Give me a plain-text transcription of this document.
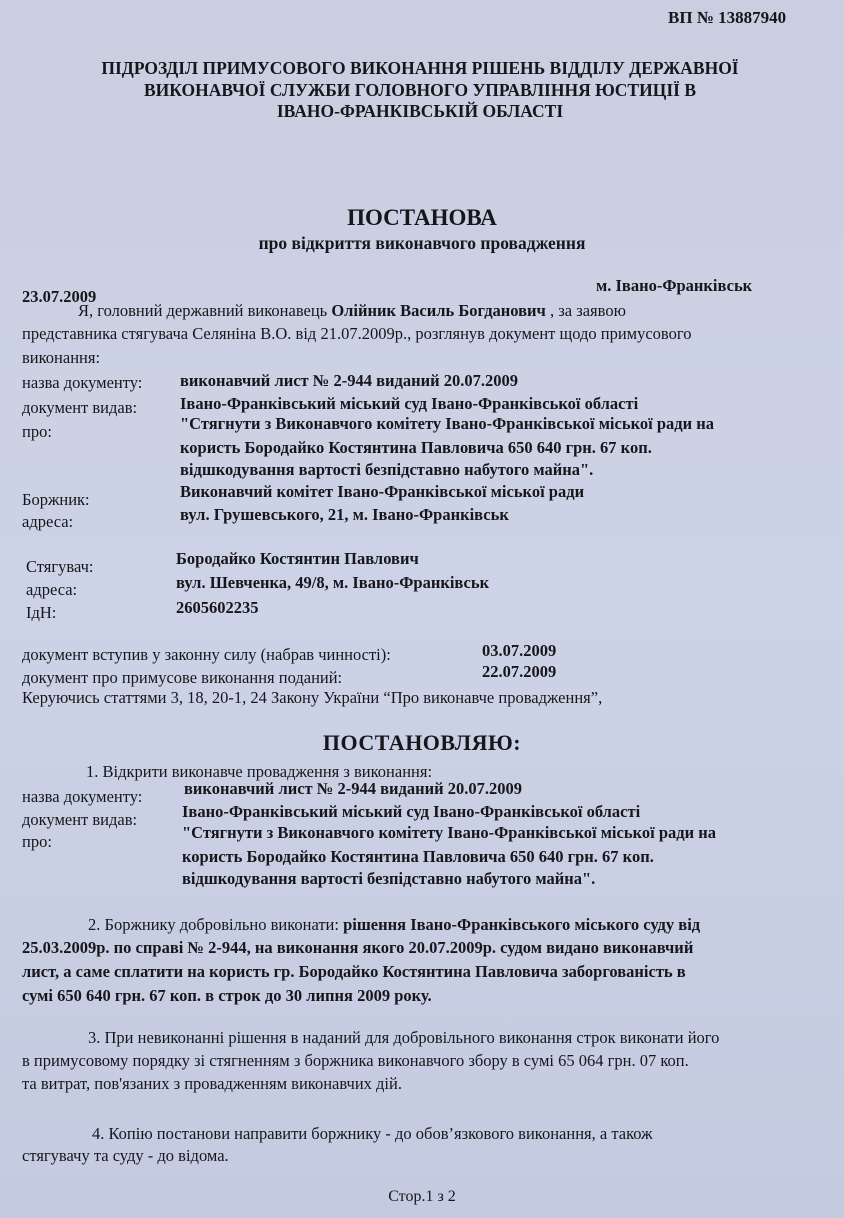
ВП № 13887940
ПІДРОЗДІЛ ПРИМУСОВОГО ВИКОНАННЯ РІШЕНЬ ВІДДІЛУ ДЕРЖАВНОЇ
ВИКОНАВЧОЇ СЛУЖБИ ГОЛОВНОГО УПРАВЛІННЯ ЮСТИЦІЇ В
ІВАНО-ФРАНКІВСЬКІЙ ОБЛАСТІ
ПОСТАНОВА
про відкриття виконавчого провадження
23.07.2009
м. Івано-Франківськ
Я, головний державний виконавець Олійник Василь Богданович , за заявою
представника стягувача Селяніна В.О. від 21.07.2009р., розглянув документ щодо примусового
виконання:
назва документу: виконавчий лист № 2-944 виданий 20.07.2009
документ видав:	Івано-Франківський міський суд Івано-Франківської області
про:	"Стягнути з Виконавчого комітету Івано-Франківської міської ради на
користь Бородайко Костянтина Павловича 650 640 грн. 67 коп.
відшкодування вартості безпідставно набутого майна".
Боржник:	Виконавчий комітет Івано-Франківської міської ради
адреса:	вул. Грушевського, 21, м. Івано-Франківськ
Стягувач:	Бородайко Костянтин Павлович
адреса:	вул. Шевченка, 49/8, м. Івано-Франківськ
ІдН:	2605602235
документ вступив у законну силу (набрав чинності):	03.07.2009
документ про примусове виконання поданий:	22.07.2009
Керуючись статтями 3, 18, 20-1, 24 Закону України “Про виконавче провадження”,
ПОСТАНОВЛЯЮ:
1. Відкрити виконавче провадження з виконання:
назва документу:	виконавчий лист № 2-944 виданий 20.07.2009
документ видав:	Івано-Франківський міський суд Івано-Франківської області
про:	"Стягнути з Виконавчого комітету Івано-Франківської міської ради на
користь Бородайко Костянтина Павловича 650 640 грн. 67 коп.
відшкодування вартості безпідставно набутого майна".
2. Боржнику добровільно виконати: рішення Івано-Франківського міського суду від
25.03.2009р. по справі № 2-944, на виконання якого 20.07.2009р. судом видано виконавчий
лист, а саме сплатити на користь гр. Бородайко Костянтина Павловича заборгованість в
сумі 650 640 грн. 67 коп. в строк до 30 липня 2009 року.
3. При невиконанні рішення в наданий для добровільного виконання строк виконати його
в примусовому порядку зі стягненням з боржника виконавчого збору в сумі 65 064 грн. 07 коп.
та витрат, пов'язаних з провадженням виконавчих дій.
4. Копію постанови направити боржнику - до обов’язкового виконання, а також
стягувачу та суду - до відома.
Стор.1 з 2
